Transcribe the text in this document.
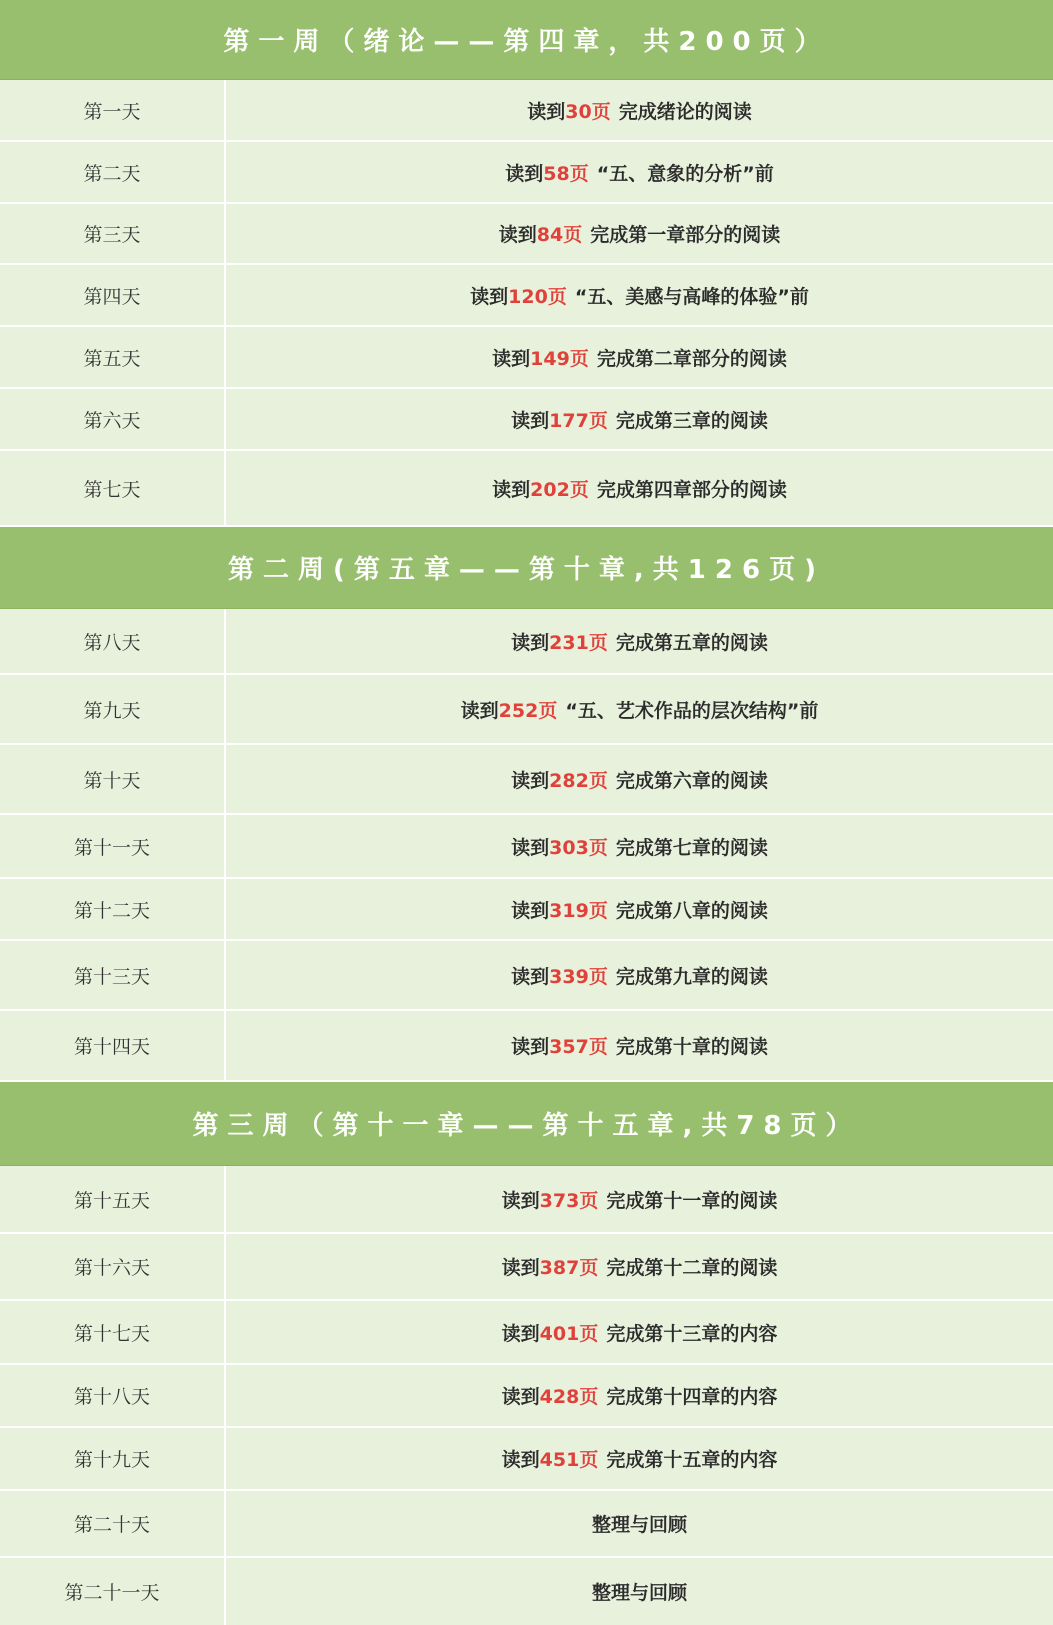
第一周（绪论——第四章，共200页）
第一天	读到 30页 完成绪论的阅读
第二天	读到 58页 “五、意象的分析”前
第三天	读到 84页 完成第一章部分的阅读
第四天	读到 120页 “五、美感与高峰的体验”前
第五天	读到 149页 完成第二章部分的阅读
第六天	读到 177页 完成第三章的阅读
第七天	读到 202页 完成第四章部分的阅读
第二周(第五章——第十章,共126页)
第八天	读到 231页 完成第五章的阅读
第九天	读到 252页 “五、艺术作品的层次结构”前
第十天	读到 282页 完成第六章的阅读
第十一天	读到 303页 完成第七章的阅读
第十二天	读到 319页 完成第八章的阅读
第十三天	读到 339页 完成第九章的阅读
第十四天	读到 357页 完成第十章的阅读
第三周（第十一章——第十五章,共78页）
第十五天	读到 373页 完成第十一章的阅读
第十六天	读到 387页 完成第十二章的阅读
第十七天	读到 401页 完成第十三章的内容
第十八天	读到 428页 完成第十四章的内容
第十九天	读到 451页 完成第十五章的内容
第二十天	整理与回顾
第二十一天	整理与回顾
